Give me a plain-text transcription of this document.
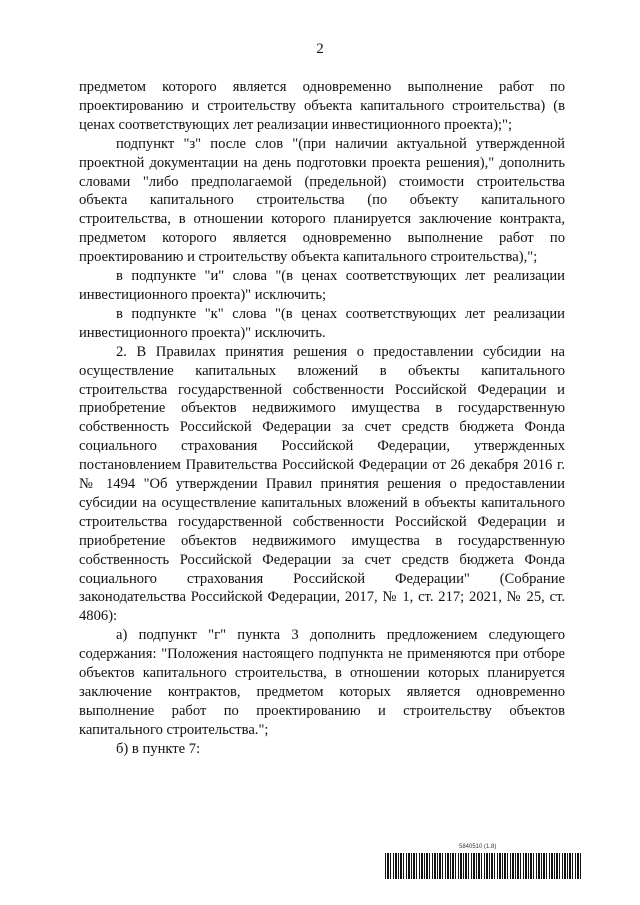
2

предметом которого является одновременно выполнение работ по проектированию и строительству объекта капитального строительства) (в ценах соответствующих лет реализации инвестиционного проекта);";

подпункт "з" после слов "(при наличии актуальной утвержденной проектной документации на день подготовки проекта решения)," дополнить словами "либо предполагаемой (предельной) стоимости строительства объекта капитального строительства (по объекту капитального строительства, в отношении которого планируется заключение контракта, предметом которого является одновременно выполнение работ по проектированию и строительству объекта капитального строительства),";

в подпункте "и" слова "(в ценах соответствующих лет реализации инвестиционного проекта)" исключить;

в подпункте "к" слова "(в ценах соответствующих лет реализации инвестиционного проекта)" исключить.

2. В Правилах принятия решения о предоставлении субсидии на осуществление капитальных вложений в объекты капитального строительства государственной собственности Российской Федерации и приобретение объектов недвижимого имущества в государственную собственность Российской Федерации за счет средств бюджета Фонда социального страхования Российской Федерации, утвержденных постановлением Правительства Российской Федерации от 26 декабря 2016 г. № 1494 "Об утверждении Правил принятия решения о предоставлении субсидии на осуществление капитальных вложений в объекты капитального строительства государственной собственности Российской Федерации и приобретение объектов недвижимого имущества в государственную собственность Российской Федерации за счет средств бюджета Фонда социального страхования Российской Федерации" (Собрание законодательства Российской Федерации, 2017, № 1, ст. 217; 2021, № 25, ст. 4806):

а) подпункт "г" пункта 3 дополнить предложением следующего содержания: "Положения настоящего подпункта не применяются при отборе объектов капитального строительства, в отношении которых планируется заключение контрактов, предметом которых является одновременно выполнение работ по проектированию и строительству объектов капитального строительства.";

б) в пункте 7:

5840510 (1.8)
